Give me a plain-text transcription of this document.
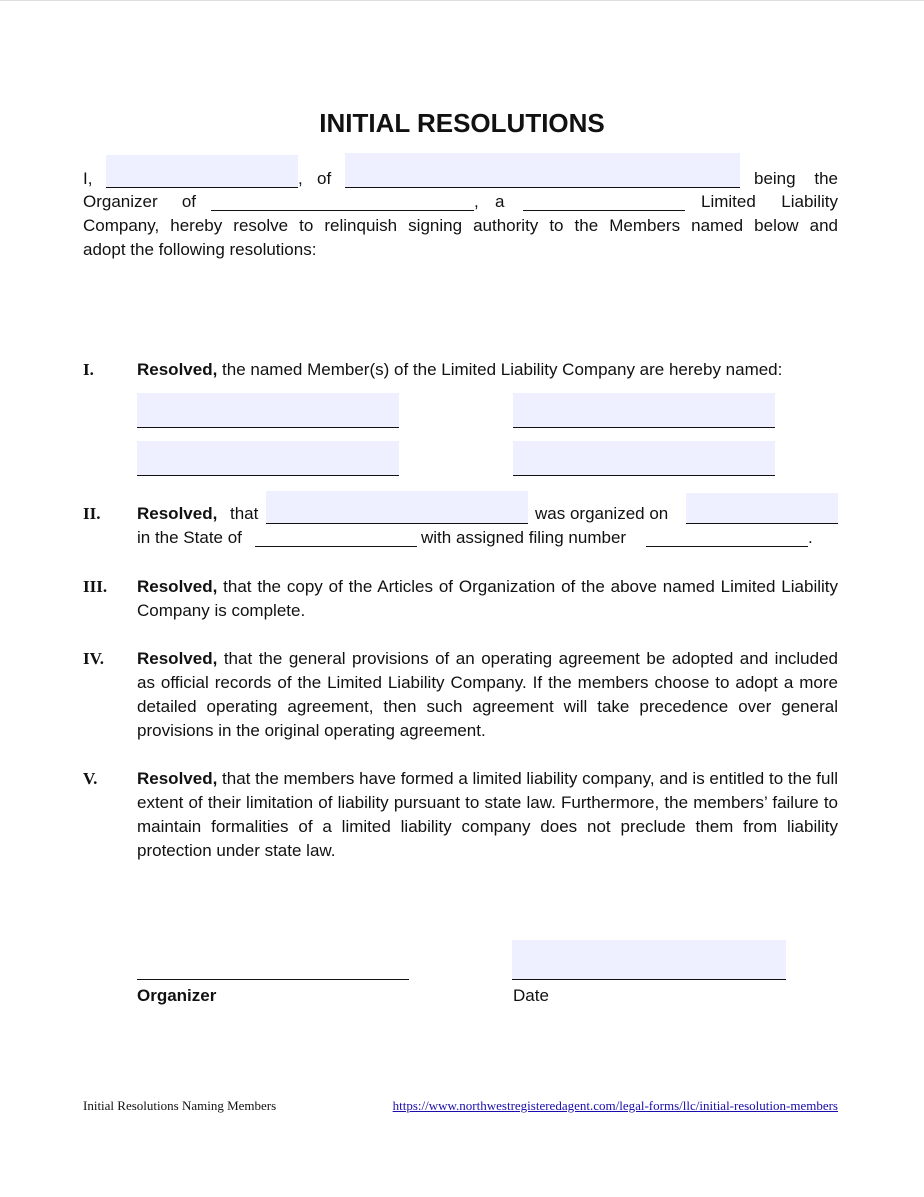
INITIAL RESOLUTIONS
I,	, of	being the
Organizer of	, a	Limited Liability
Company, hereby resolve to relinquish signing authority to the Members named below and
adopt the following resolutions:
I.	Resolved, the named Member(s) of the Limited Liability Company are hereby named:
II. Resolved, that	was organized on
in the State of	with assigned filing number	.
III. Resolved, that the copy of the Articles of Organization of the above named Limited Liability Company is complete.
IV. Resolved, that the general provisions of an operating agreement be adopted and included as official records of the Limited Liability Company. If the members choose to adopt a more detailed operating agreement, then such agreement will take precedence over general provisions in the original operating agreement.
V. Resolved, that the members have formed a limited liability company, and is entitled to the full extent of their limitation of liability pursuant to state law. Furthermore, the members’ failure to maintain formalities of a limited liability company does not preclude them from liability protection under state law.
Organizer	Date
Initial Resolutions Naming Members	https://www.northwestregisteredagent.com/legal-forms/llc/initial-resolution-members
